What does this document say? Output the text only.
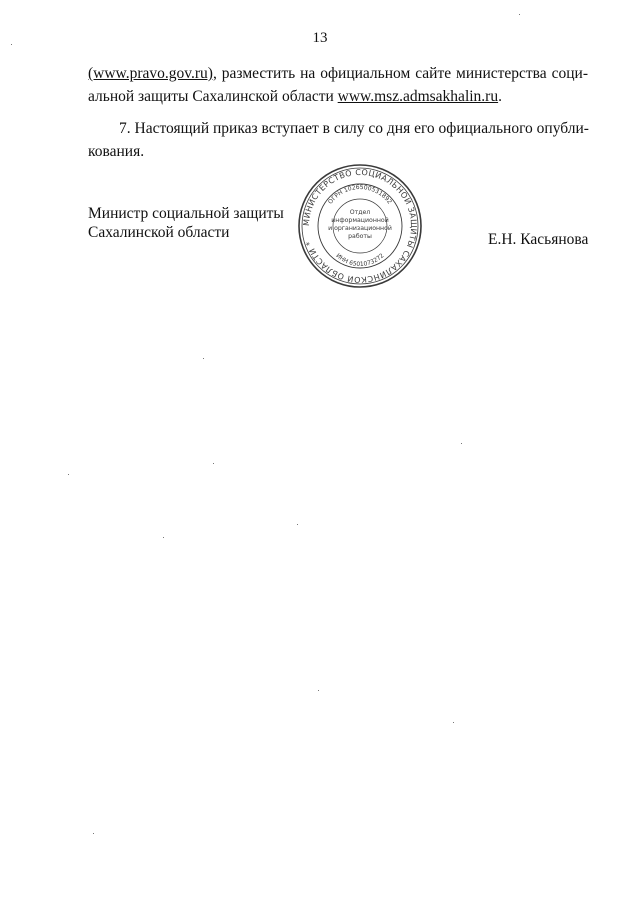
13
(www.pravo.gov.ru), разместить на официальном сайте министерства соци-
альной защиты Сахалинской области www.msz.admsakhalin.ru.
7. Настоящий приказ вступает в силу со дня его официального опубли-
кования.
Министр социальной защиты
Сахалинской области	Е.Н. Касьянова
МИНИСТЕРСТВО СОЦИАЛЬНОЙ ЗАЩИТЫ САХАЛИНСКОЙ ОБЛАСТИ *
ОГРН 1026500531892
ИНН 6501073272
Отдел
информационной
и организационной
работы
